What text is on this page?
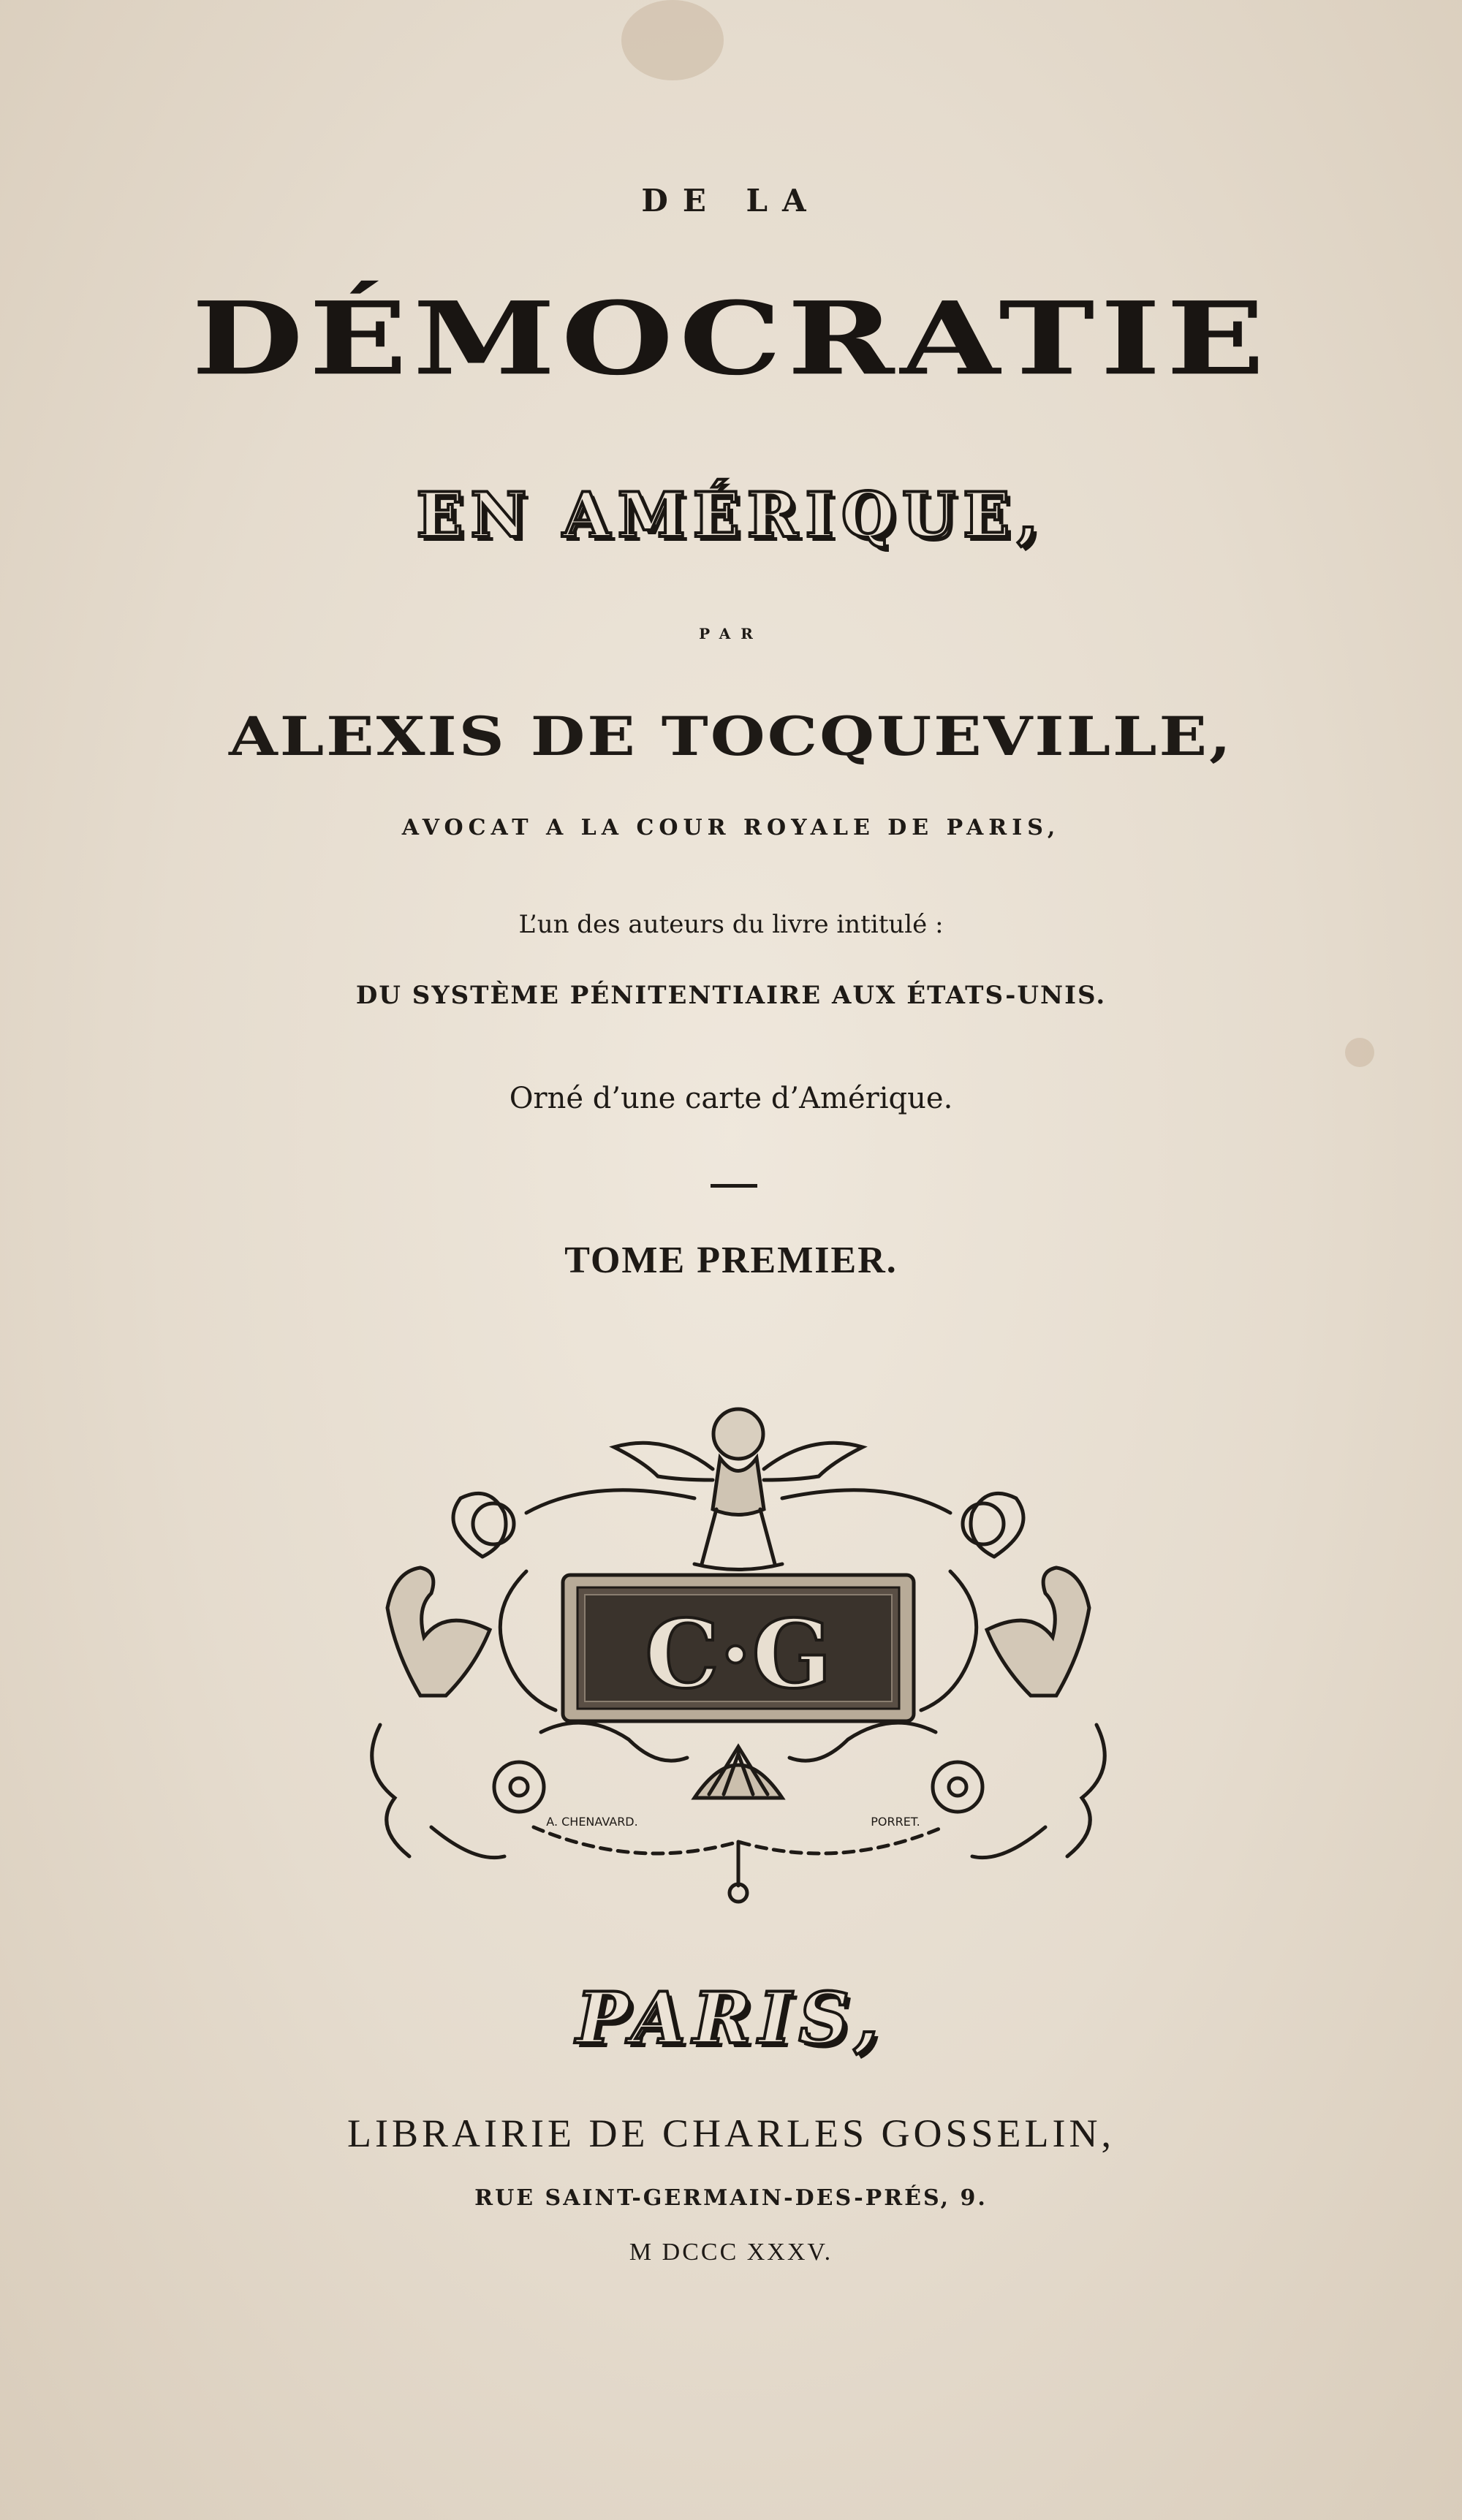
DE LA

DÉMOCRATIE

EN AMÉRIQUE,

PAR

ALEXIS DE TOCQUEVILLE,

AVOCAT A LA COUR ROYALE DE PARIS,

L’un des auteurs du livre intitulé :

DU SYSTÈME PÉNITENTIAIRE AUX ÉTATS-UNIS.

Orné d’une carte d’Amérique.

TOME PREMIER.

C·G
A. CHENAVARD.	PORRET.

PARIS,

LIBRAIRIE DE CHARLES GOSSELIN,

RUE SAINT-GERMAIN-DES-PRÉS, 9.

M DCCC XXXV.
